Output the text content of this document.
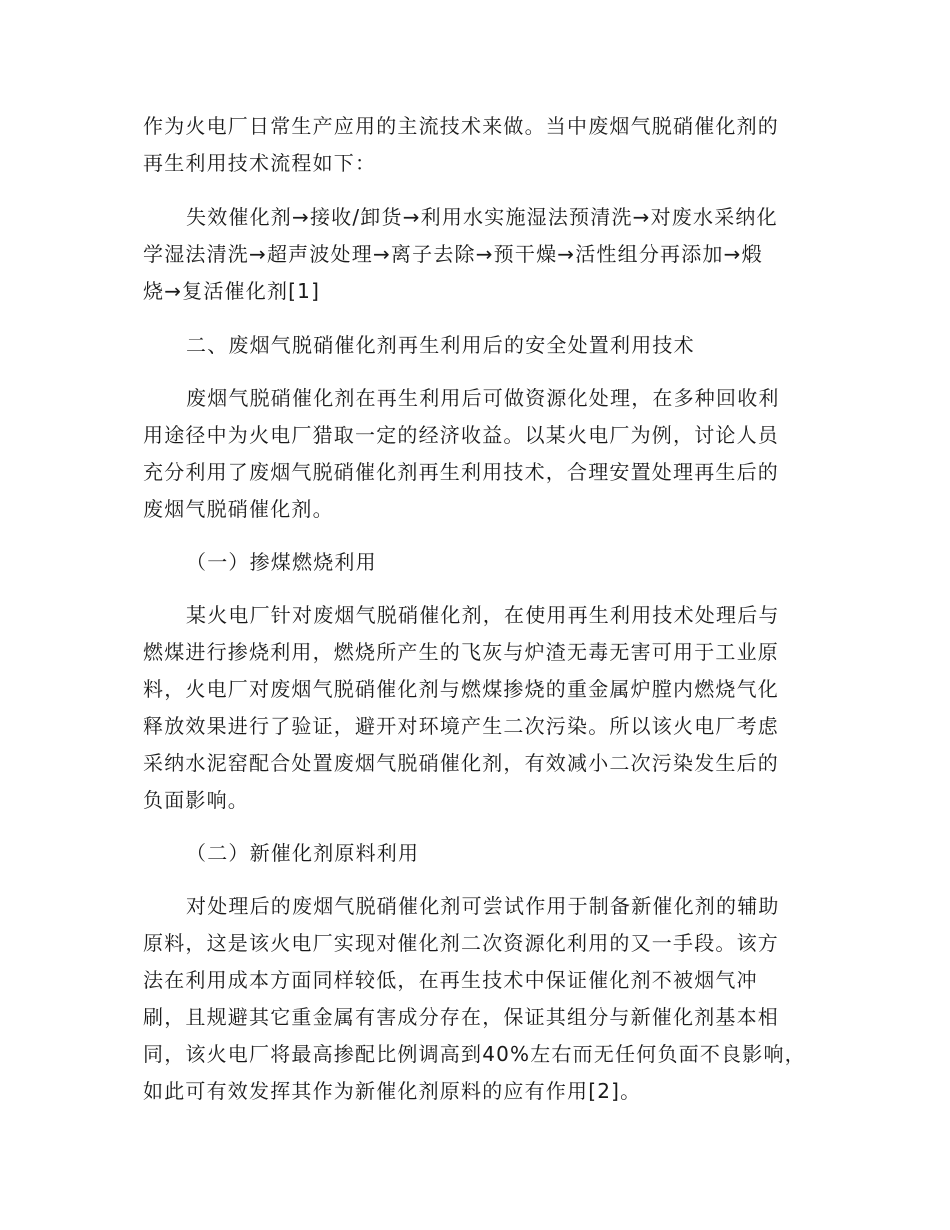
作为火电厂日常生产应用的主流技术来做。当中废烟气脱硝催化剂的
再生利用技术流程如下：
失效催化剂→接收/卸货→利用水实施湿法预清洗→对废水采纳化
学湿法清洗→超声波处理→离子去除→预干燥→活性组分再添加→煅
烧→复活催化剂[1]
二、废烟气脱硝催化剂再生利用后的安全处置利用技术
废烟气脱硝催化剂在再生利用后可做资源化处理，在多种回收利
用途径中为火电厂猎取一定的经济收益。以某火电厂为例，讨论人员
充分利用了废烟气脱硝催化剂再生利用技术，合理安置处理再生后的
废烟气脱硝催化剂。
（一）掺煤燃烧利用
某火电厂针对废烟气脱硝催化剂，在使用再生利用技术处理后与
燃煤进行掺烧利用，燃烧所产生的飞灰与炉渣无毒无害可用于工业原
料，火电厂对废烟气脱硝催化剂与燃煤掺烧的重金属炉膛内燃烧气化
释放效果进行了验证，避开对环境产生二次污染。所以该火电厂考虑
采纳水泥窑配合处置废烟气脱硝催化剂，有效减小二次污染发生后的
负面影响。
（二）新催化剂原料利用
对处理后的废烟气脱硝催化剂可尝试作用于制备新催化剂的辅助
原料，这是该火电厂实现对催化剂二次资源化利用的又一手段。该方
法在利用成本方面同样较低，在再生技术中保证催化剂不被烟气冲
刷，且规避其它重金属有害成分存在，保证其组分与新催化剂基本相
同，该火电厂将最高掺配比例调高到40%左右而无任何负面不良影响，
如此可有效发挥其作为新催化剂原料的应有作用[2]。
